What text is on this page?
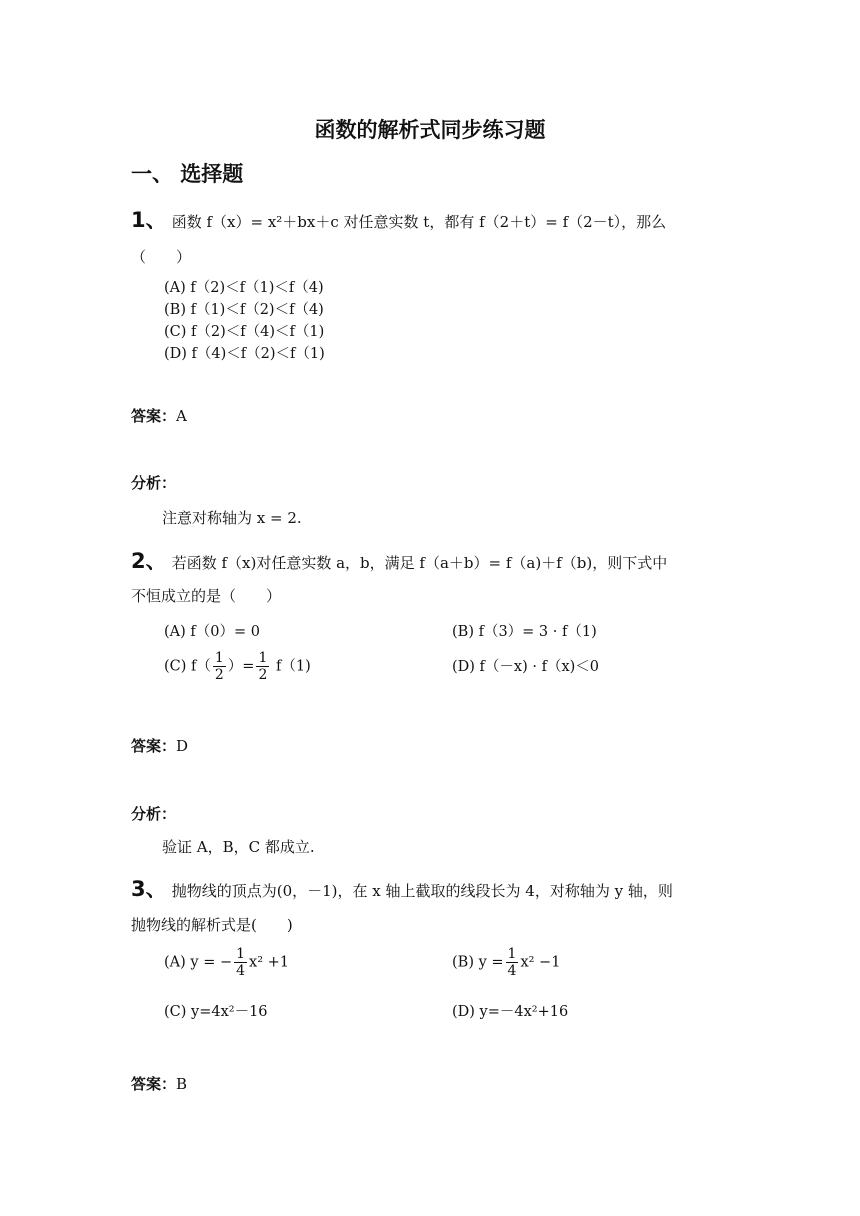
函数的解析式同步练习题
一、 选择题
1、 函数 f（x）= x²＋bx＋c 对任意实数 t，都有 f（2＋t）= f（2－t），那么
（　　）
(A) f（2)＜f（1)＜f（4)
(B) f（1)＜f（2)＜f（4)
(C) f（2)＜f（4)＜f（1)
(D) f（4)＜f（2)＜f（1)
答案：A
分析：
注意对称轴为 x = 2.
2、 若函数 f（x)对任意实数 a，b，满足 f（a＋b）= f（a)＋f（b)，则下式中
不恒成立的是（　　）
(A) f（0）= 0	(B) f（3）= 3 · f（1)
(C) $f( \frac{1}{2}$ ）= $\frac{1}{2} f(1)$	(D) f（－x) · f（x)＜0
答案：D
分析：
验证 A，B，C 都成立.
3、 抛物线的顶点为(0，－1)，在 x 轴上截取的线段长为 4，对称轴为 y 轴，则
抛物线的解析式是(　　)
(A) y = − $\frac{1}{4} x^2 +1$	(B) $y = \frac{1}{4} x^2 -1$
(C) y=4x²－16	(D) y=－4x²+16
答案：B
